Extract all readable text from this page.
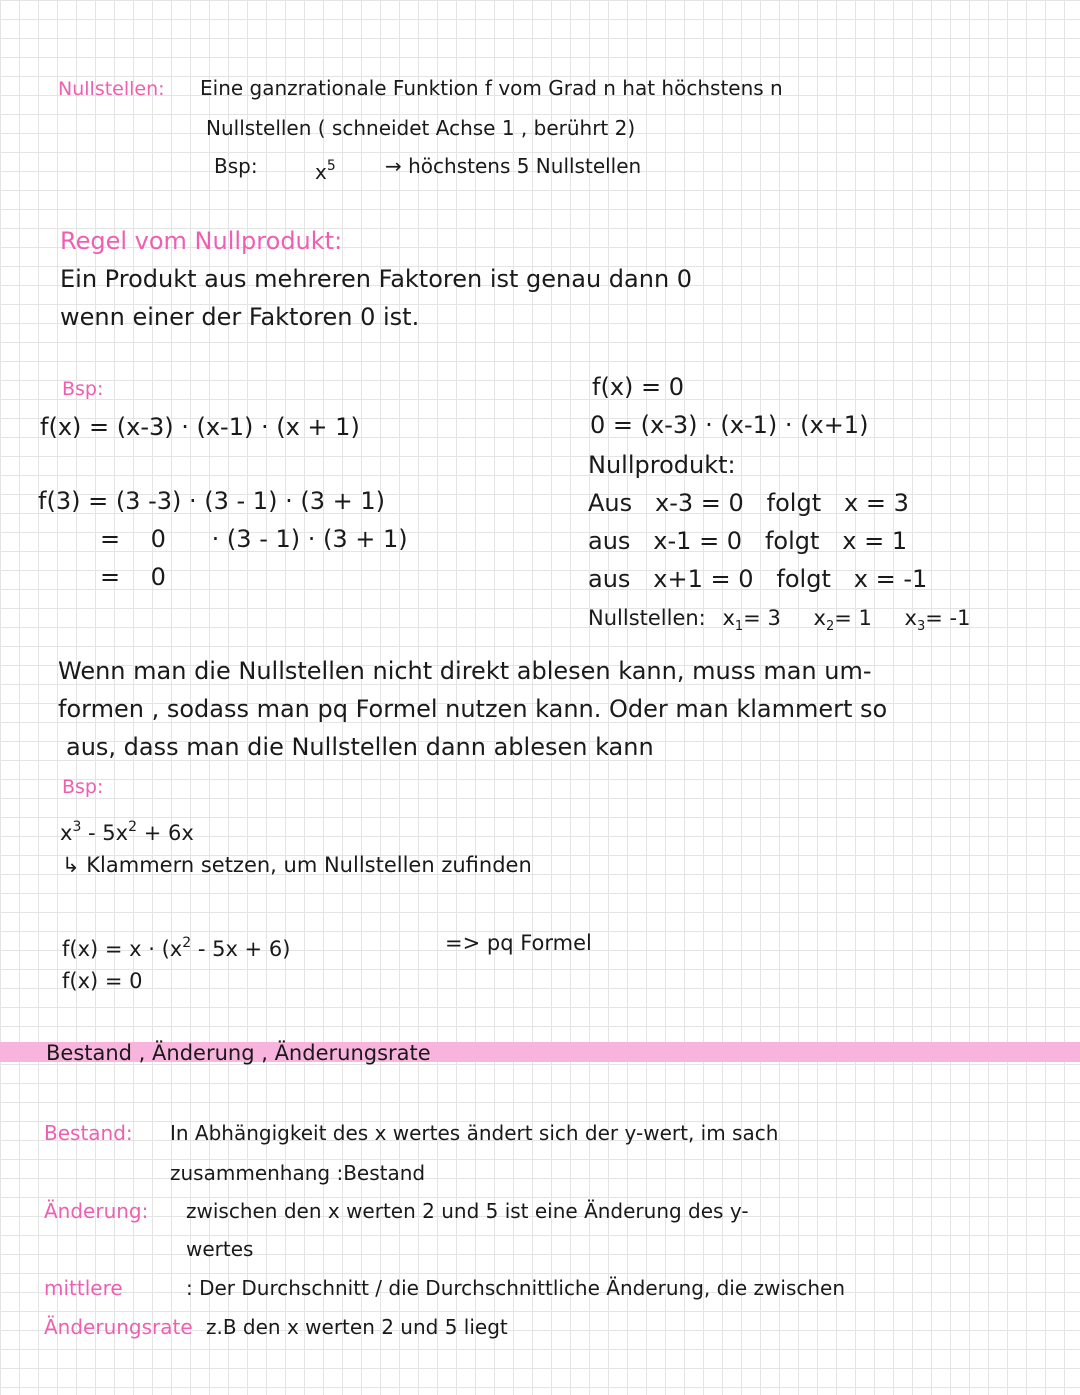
Nullstellen: Eine ganzrationale Funktion f vom Grad n hat höchstens n
Nullstellen ( schneidet Achse 1 , berührt 2)
Bsp:	$x^5$ → höchstens 5 Nullstellen
Regel vom Nullprodukt:
Ein Produkt aus mehreren Faktoren ist genau dann 0
wenn einer der Faktoren 0 ist.
Bsp:
f(x) = (x-3) · (x-1) · (x + 1)
f(3) = (3 -3) · (3 - 1) · (3 + 1)
=    0      · (3 - 1) · (3 + 1)
=    0
f(x) = 0
0 = (x-3) · (x-1) · (x+1)
Nullprodukt:
Aus   x-3 = 0   folgt   x = 3
aus   x-1 = 0   folgt   x = 1
aus   x+1 = 0   folgt   x = -1
Nullstellen: $x_1= 3$ $x_2= 1$ $x_3= -1$
Wenn man die Nullstellen nicht direkt ablesen kann, muss man um-
formen , sodass man pq Formel nutzen kann. Oder man klammert so
aus, dass man die Nullstellen dann ablesen kann
Bsp:
$x^3 - 5x^2 + 6x$
↳ Klammern setzen, um Nullstellen zufinden
$f(x) = x \cdot (x^2 - 5x + 6)$	=> pq Formel
f(x) = 0
Bestand , Änderung , Änderungsrate
Bestand: In Abhängigkeit des x wertes ändert sich der y-wert, im sach
zusammenhang :Bestand
Änderung: zwischen den x werten 2 und 5 ist eine Änderung des y-
wertes
mittlere
Änderungsrate
: Der Durchschnitt / die Durchschnittliche Änderung, die zwischen
z.B den x werten 2 und 5 liegt
